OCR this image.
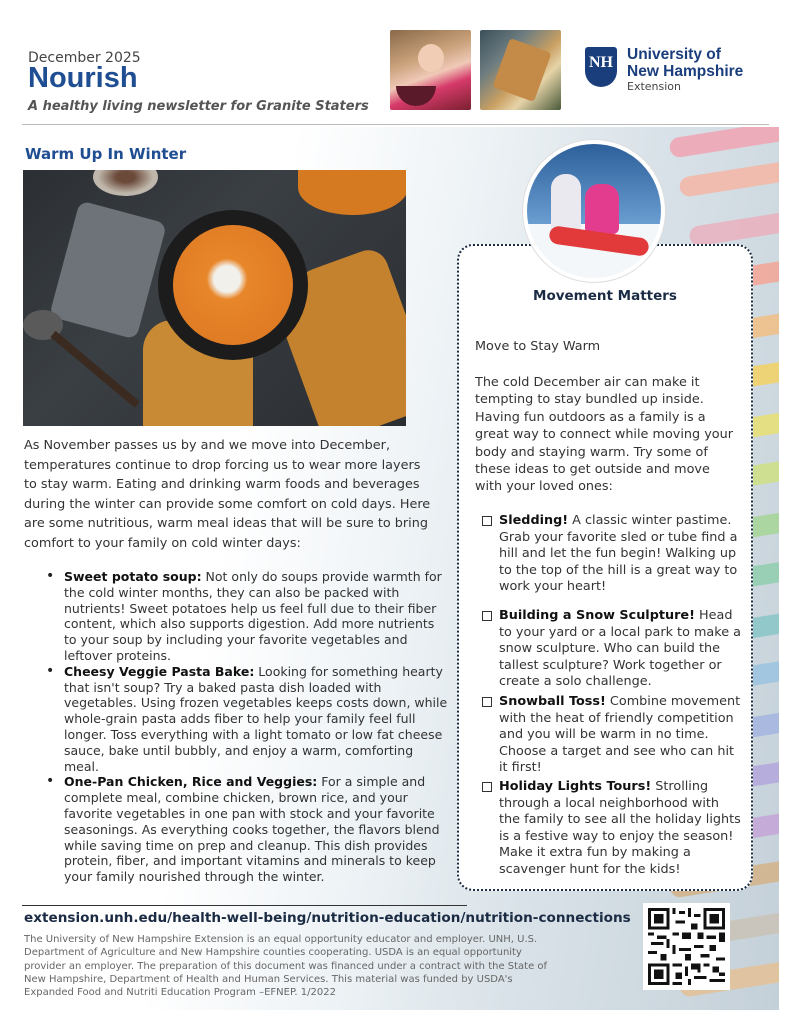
December 2025
Nourish
A healthy living newsletter for Granite Staters
NH University of
New Hampshire
Extension
Warm Up In Winter

As November passes us by and we move into December, temperatures continue to drop forcing us to wear more layers to stay warm. Eating and drinking warm foods and beverages during the winter can provide some comfort on cold days. Here are some nutritious, warm meal ideas that will be sure to bring comfort to your family on cold winter days:

• Sweet potato soup: Not only do soups provide warmth for the cold winter months, they can also be packed with nutrients! Sweet potatoes help us feel full due to their fiber content, which also supports digestion. Add more nutrients to your soup by including your favorite vegetables and leftover proteins.
• Cheesy Veggie Pasta Bake: Looking for something hearty that isn't soup? Try a baked pasta dish loaded with vegetables. Using frozen vegetables keeps costs down, while whole-grain pasta adds fiber to help your family feel full longer. Toss everything with a light tomato or low fat cheese sauce, bake until bubbly, and enjoy a warm, comforting meal.
• One-Pan Chicken, Rice and Veggies: For a simple and complete meal, combine chicken, brown rice, and your favorite vegetables in one pan with stock and your favorite seasonings. As everything cooks together, the flavors blend while saving time on prep and cleanup. This dish provides protein, fiber, and important vitamins and minerals to keep your family nourished through the winter.
Movement Matters
Move to Stay Warm

The cold December air can make it tempting to stay bundled up inside. Having fun outdoors as a family is a great way to connect while moving your body and staying warm. Try some of these ideas to get outside and move with your loved ones:

Sledding! A classic winter pastime. Grab your favorite sled or tube find a hill and let the fun begin! Walking up to the top of the hill is a great way to work your heart!
Building a Snow Sculpture! Head to your yard or a local park to make a snow sculpture. Who can build the tallest sculpture? Work together or create a solo challenge.
Snowball Toss! Combine movement with the heat of friendly competition and you will be warm in no time. Choose a target and see who can hit it first!
Holiday Lights Tours! Strolling through a local neighborhood with the family to see all the holiday lights is a festive way to enjoy the season! Make it extra fun by making a scavenger hunt for the kids!
extension.unh.edu/health-well-being/nutrition-education/nutrition-connections

The University of New Hampshire Extension is an equal opportunity educator and employer. UNH, U.S. Department of Agriculture and New Hampshire counties cooperating. USDA is an equal opportunity provider an employer. The preparation of this document was financed under a contract with the State of New Hampshire, Department of Health and Human Services. This material was funded by USDA's Expanded Food and Nutriti Education Program –EFNEP. 1/2022
